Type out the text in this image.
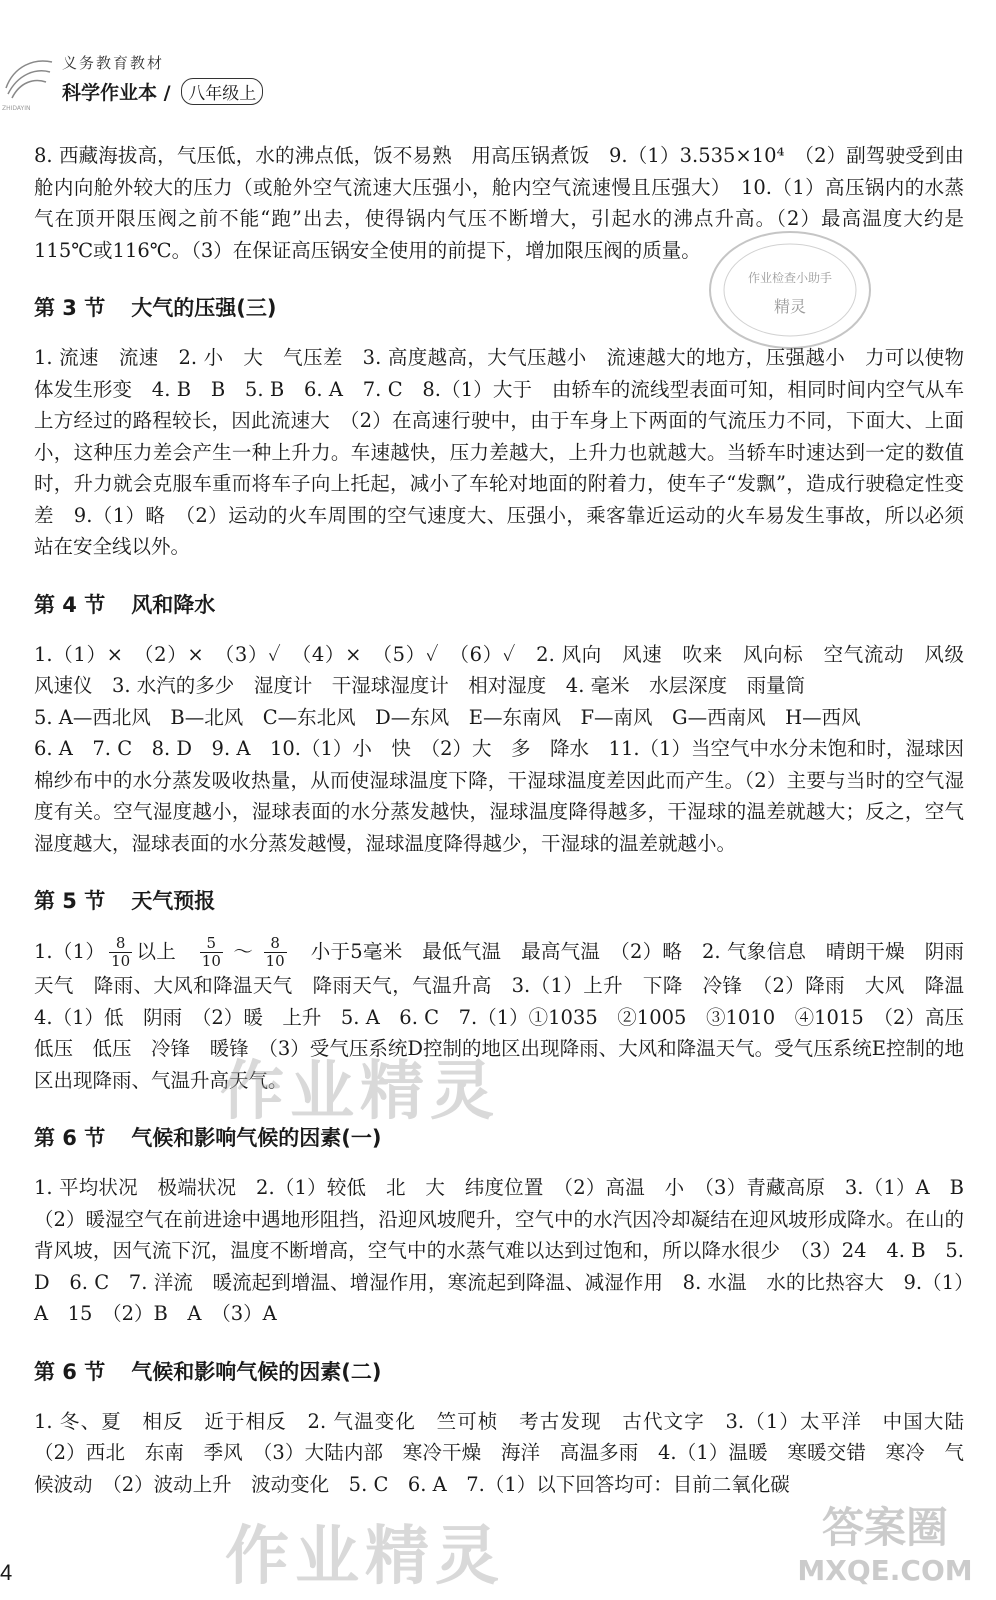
ZHIDAYIN
义务教育教材
科学作业本 / 八年级上
作业检查小助手
精灵

8. 西藏海拔高，气压低，水的沸点低，饭不易熟　用高压锅煮饭　9.（1）3.535×10⁴　（2）副驾驶受到由舱内向舱外较大的压力（或舱外空气流速大压强小，舱内空气流速慢且压强大）　10.（1）高压锅内的水蒸气在顶开限压阀之前不能“跑”出去，使得锅内气压不断增大，引起水的沸点升高。（2）最高温度大约是115℃或116℃。（3）在保证高压锅安全使用的前提下，增加限压阀的质量。

第 3 节 大气的压强(三)

1. 流速　流速　2. 小　大　气压差　3. 高度越高，大气压越小　流速越大的地方，压强越小　力可以使物体发生形变　4. B　B　5. B　6. A　7. C　8.（1）大于　由轿车的流线型表面可知，相同时间内空气从车上方经过的路程较长，因此流速大　（2）在高速行驶中，由于车身上下两面的气流压力不同，下面大、上面小，这种压力差会产生一种上升力。车速越快，压力差越大，上升力也就越大。当轿车时速达到一定的数值时，升力就会克服车重而将车子向上托起，减小了车轮对地面的附着力，使车子“发飘”，造成行驶稳定性变差　9.（1）略　（2）运动的火车周围的空气速度大、压强小，乘客靠近运动的火车易发生事故，所以必须站在安全线以外。

第 4 节 风和降水

1.（1）×　（2）×　（3）✓　（4）×　（5）✓　（6）✓　2. 风向　风速　吹来　风向标　空气流动　风级　风速仪　3. 水汽的多少　湿度计　干湿球湿度计　相对湿度　4. 毫米　水层深度　雨量筒

5. A—西北风　B—北风　C—东北风　D—东风　E—东南风　F—南风　G—西南风　H—西风

6. A　7. C　8. D　9. A　10.（1）小　快　（2）大　多　降水　11.（1）当空气中水分未饱和时，湿球因棉纱布中的水分蒸发吸收热量，从而使湿球温度下降，干湿球温度差因此而产生。（2）主要与当时的空气湿度有关。空气湿度越小，湿球表面的水分蒸发越快，湿球温度降得越多，干湿球的温差就越大；反之，空气湿度越大，湿球表面的水分蒸发越慢，湿球温度降得越少，干湿球的温差就越小。

第 5 节 天气预报

$1.(1) \frac{8}{10}$ 以上　 $\frac{5}{10}$ ～ $\frac{8}{10}$ 　小于5毫米　最低气温　最高气温　（2）略　2. 气象信息　晴朗干燥　阴雨天气　降雨、大风和降温天气　降雨天气，气温升高　3.（1）上升　下降　冷锋　（2）降雨　大风　降温　4.（1）低　阴雨　（2）暖　上升　5. A　6. C　7.（1）①1035　②1005　③1010　④1015　（2）高压　低压　低压　冷锋　暖锋　（3）受气压系统D控制的地区出现降雨、大风和降温天气。受气压系统E控制的地区出现降雨、气温升高天气。

第 6 节 气候和影响气候的因素(一)

1. 平均状况　极端状况　2.（1）较低　北　大　纬度位置　（2）高温　小　（3）青藏高原　3.（1）A　B　（2）暖湿空气在前进途中遇地形阻挡，沿迎风坡爬升，空气中的水汽因冷却凝结在迎风坡形成降水。在山的背风坡，因气流下沉，温度不断增高，空气中的水蒸气难以达到过饱和，所以降水很少　（3）24　4. B　5. D　6. C　7. 洋流　暖流起到增温、增湿作用，寒流起到降温、减湿作用　8. 水温　水的比热容大　9.（1）A　15　（2）B　A　（3）A

第 6 节 气候和影响气候的因素(二)

1. 冬、夏　相反　近于相反　2. 气温变化　竺可桢　考古发现　古代文字　3.（1）太平洋　中国大陆　（2）西北　东南　季风　（3）大陆内部　寒冷干燥　海洋　高温多雨　4.（1）温暖　寒暖交错　寒冷　气候波动　（2）波动上升　波动变化　5. C　6. A　7.（1）以下回答均可：目前二氧化碳

作业精灵
作业精灵	答案圈
MXQE.COM
4
